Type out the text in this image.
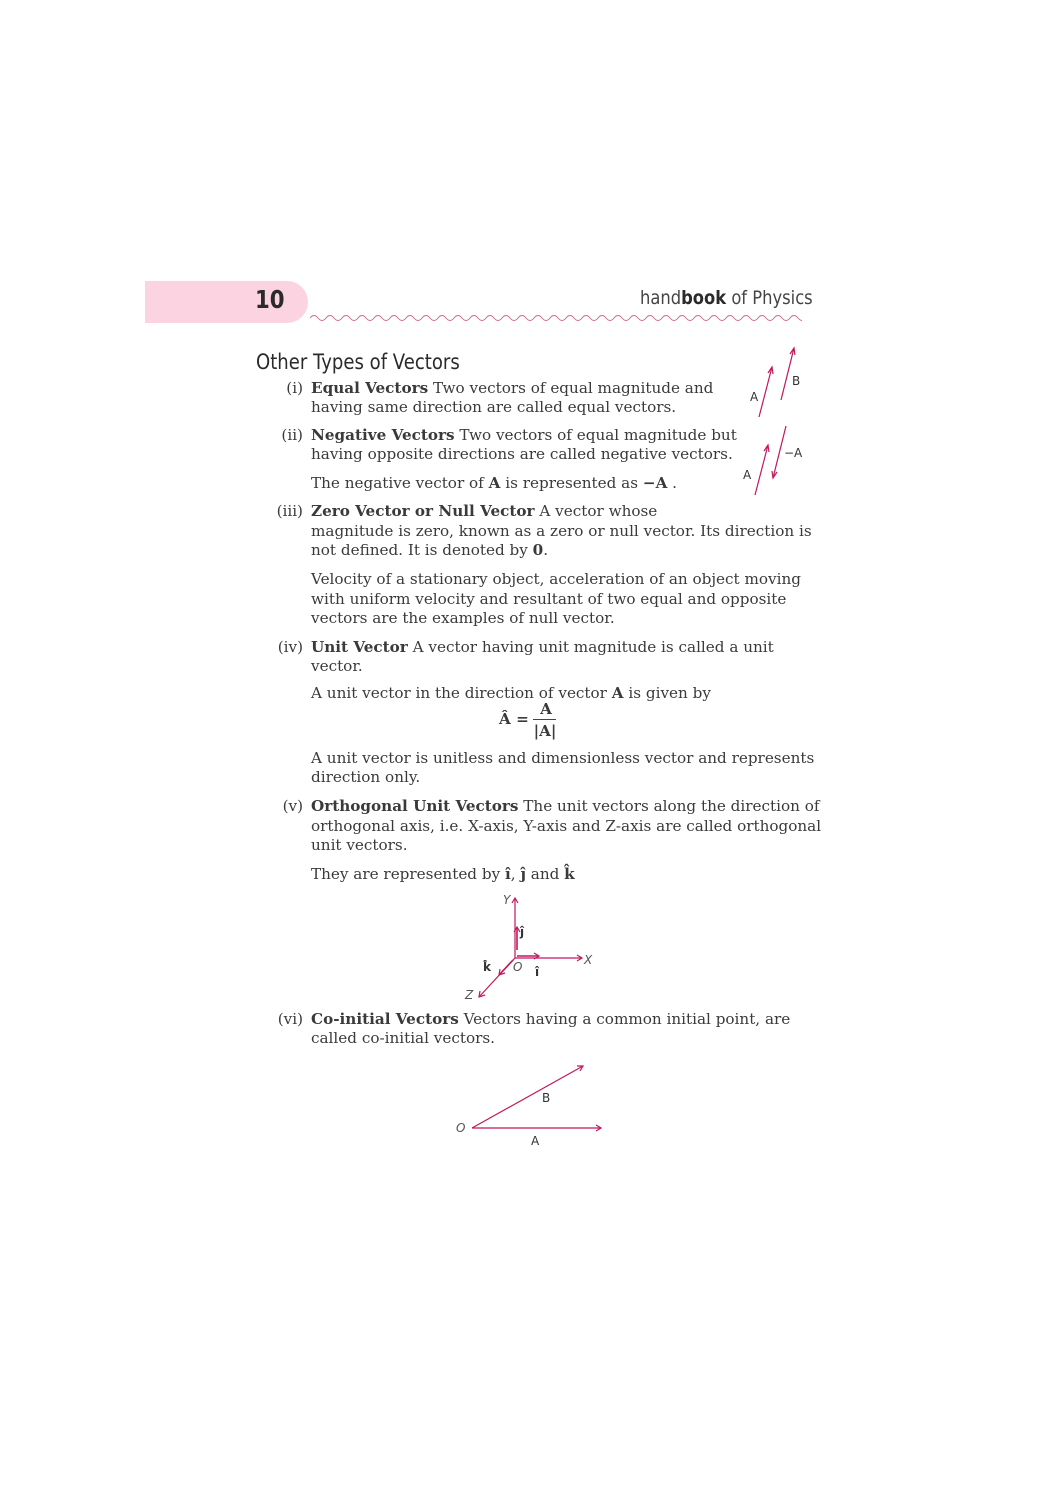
10	handbook of Physics
Other Types of Vectors
(i) Equal Vectors Two vectors of equal magnitude and
having same direction are called equal vectors.
(ii) Negative Vectors Two vectors of equal magnitude but
having opposite directions are called negative vectors.
The negative vector of A is represented as −A .
A
B
A
−A
(iii) Zero Vector or Null Vector A vector whose
magnitude is zero, known as a zero or null vector. Its direction is
not defined. It is denoted by 0.
Velocity of a stationary object, acceleration of an object moving
with uniform velocity and resultant of two equal and opposite
vectors are the examples of null vector.
(iv) Unit Vector A vector having unit magnitude is called a unit
vector.
A unit vector in the direction of vector A is given by
Â =
A
|A|
A unit vector is unitless and dimensionless vector and represents
direction only.
(v) Orthogonal Unit Vectors The unit vectors along the direction of
orthogonal axis, i.e. X-axis, Y-axis and Z-axis are called orthogonal
unit vectors.
They are represented by î, ĵ and k̂
Y
X
Z
O
ĵ
î
k̂
(vi) Co-initial Vectors Vectors having a common initial point, are
called co-initial vectors.
O
A
B
